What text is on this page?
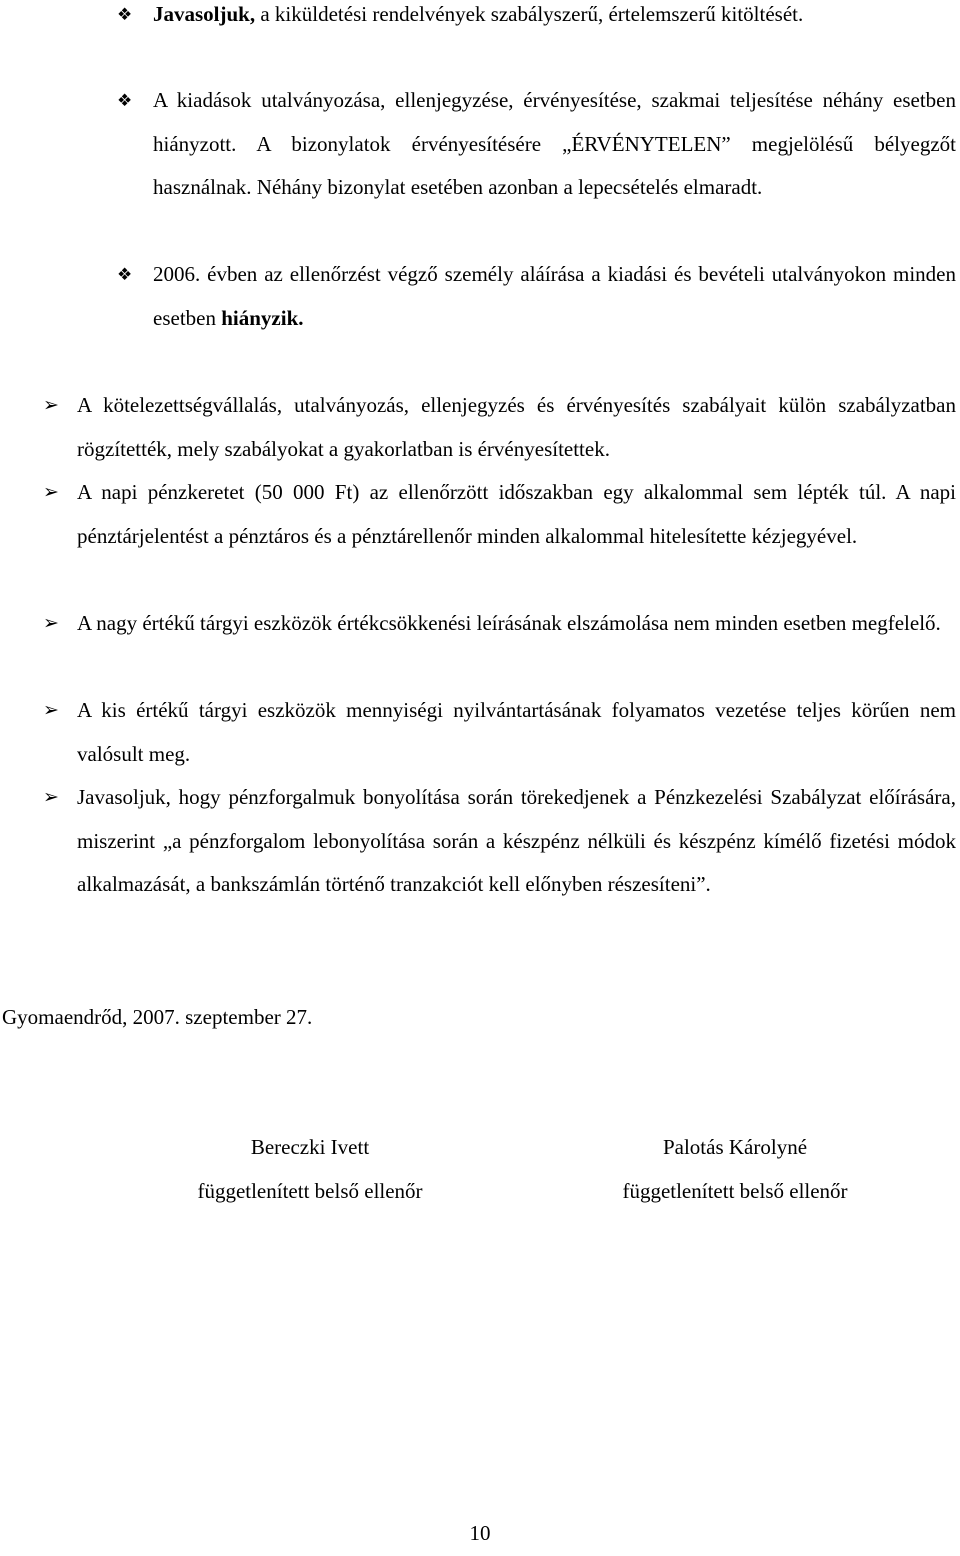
❖ Javasoljuk, a kiküldetési rendelvények szabályszerű, értelemszerű kitöltését.

❖ A kiadások utalványozása, ellenjegyzése, érvényesítése, szakmai teljesítése néhány esetben hiányzott. A bizonylatok érvényesítésére „ÉRVÉNYTELEN” megjelölésű bélyegzőt használnak. Néhány bizonylat esetében azonban a lepecsételés elmaradt.

❖ 2006. évben az ellenőrzést végző személy aláírása a kiadási és bevételi utalványokon minden esetben hiányzik.

➢ A kötelezettségvállalás, utalványozás, ellenjegyzés és érvényesítés szabályait külön szabályzatban rögzítették, mely szabályokat a gyakorlatban is érvényesítettek.

➢ A napi pénzkeretet (50 000 Ft) az ellenőrzött időszakban egy alkalommal sem lépték túl. A napi pénztárjelentést a pénztáros és a pénztárellenőr minden alkalommal hitelesítette kézjegyével.

➢ A nagy értékű tárgyi eszközök értékcsökkenési leírásának elszámolása nem minden esetben megfelelő.

➢ A kis értékű tárgyi eszközök mennyiségi nyilvántartásának folyamatos vezetése teljes körűen nem valósult meg.

➢ Javasoljuk, hogy pénzforgalmuk bonyolítása során törekedjenek a Pénzkezelési Szabályzat előírására, miszerint „a pénzforgalom lebonyolítása során a készpénz nélküli és készpénz kímélő fizetési módok alkalmazását, a bankszámlán történő tranzakciót kell előnyben részesíteni”.

Gyomaendrőd, 2007. szeptember 27.
Bereczki Ivett
függetlenített belső ellenőr
Palotás Károlyné
függetlenített belső ellenőr
10
